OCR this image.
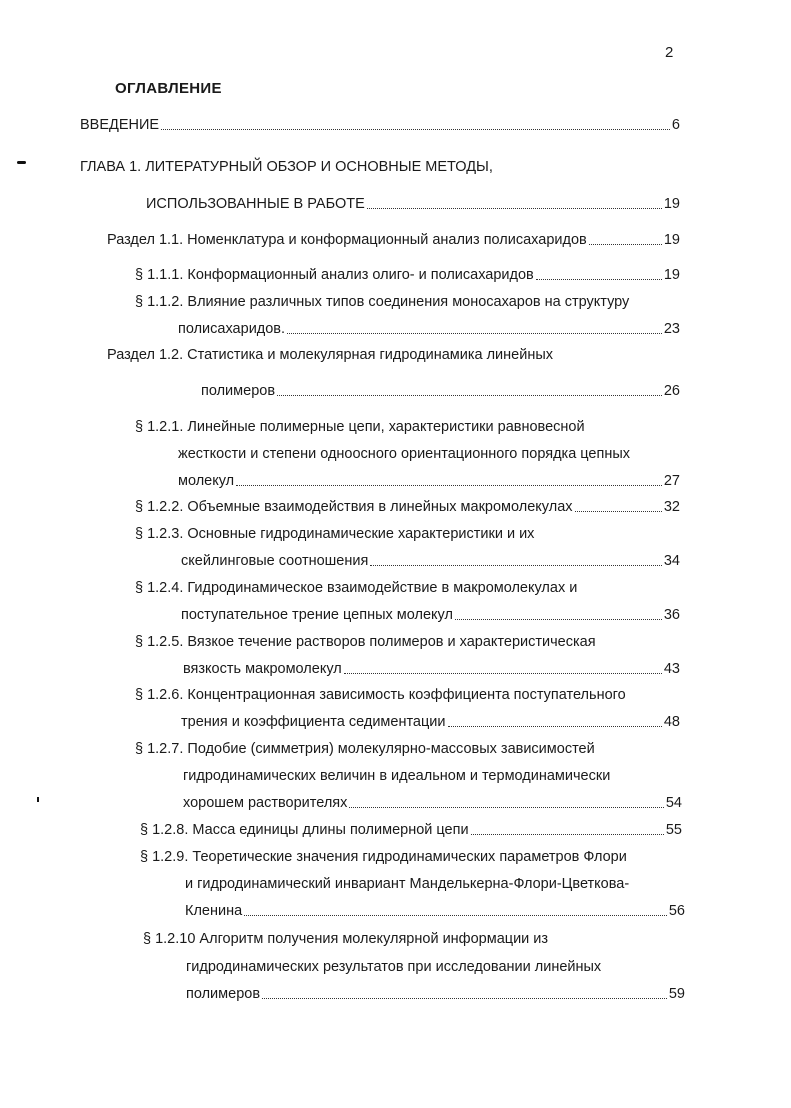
2
ОГЛАВЛЕНИЕ
ВВЕДЕНИЕ	6
ГЛАВА 1. ЛИТЕРАТУРНЫЙ ОБЗОР И ОСНОВНЫЕ МЕТОДЫ,
ИСПОЛЬЗОВАННЫЕ В РАБОТЕ	19
Раздел 1.1. Номенклатура и конформационный анализ полисахаридов	19
§ 1.1.1. Конформационный анализ олиго- и полисахаридов	19
§ 1.1.2. Влияние различных типов соединения моносахаров на структуру
полисахаридов.	23
Раздел 1.2. Статистика и молекулярная гидродинамика линейных
полимеров	26
§ 1.2.1. Линейные полимерные цепи, характеристики равновесной
жесткости и степени одноосного ориентационного порядка цепных
молекул	27
§ 1.2.2. Объемные взаимодействия в линейных макромолекулах	32
§ 1.2.3. Основные гидродинамические характеристики и их
скейлинговые соотношения	34
§ 1.2.4. Гидродинамическое взаимодействие в макромолекулах и
поступательное трение цепных молекул	36
§ 1.2.5. Вязкое течение растворов полимеров и характеристическая
вязкость макромолекул	43
§ 1.2.6. Концентрационная зависимость коэффициента поступательного
трения и коэффициента седиментации	48
§ 1.2.7. Подобие (симметрия) молекулярно-массовых зависимостей
гидродинамических величин в идеальном и термодинамически
хорошем растворителях	54
§ 1.2.8. Масса единицы длины полимерной цепи	55
§ 1.2.9. Теоретические значения гидродинамических параметров Флори
и гидродинамический инвариант Манделькерна-Флори-Цветкова-
Кленина	56
§ 1.2.10 Алгоритм получения молекулярной информации из
гидродинамических результатов при исследовании линейных
полимеров	59
